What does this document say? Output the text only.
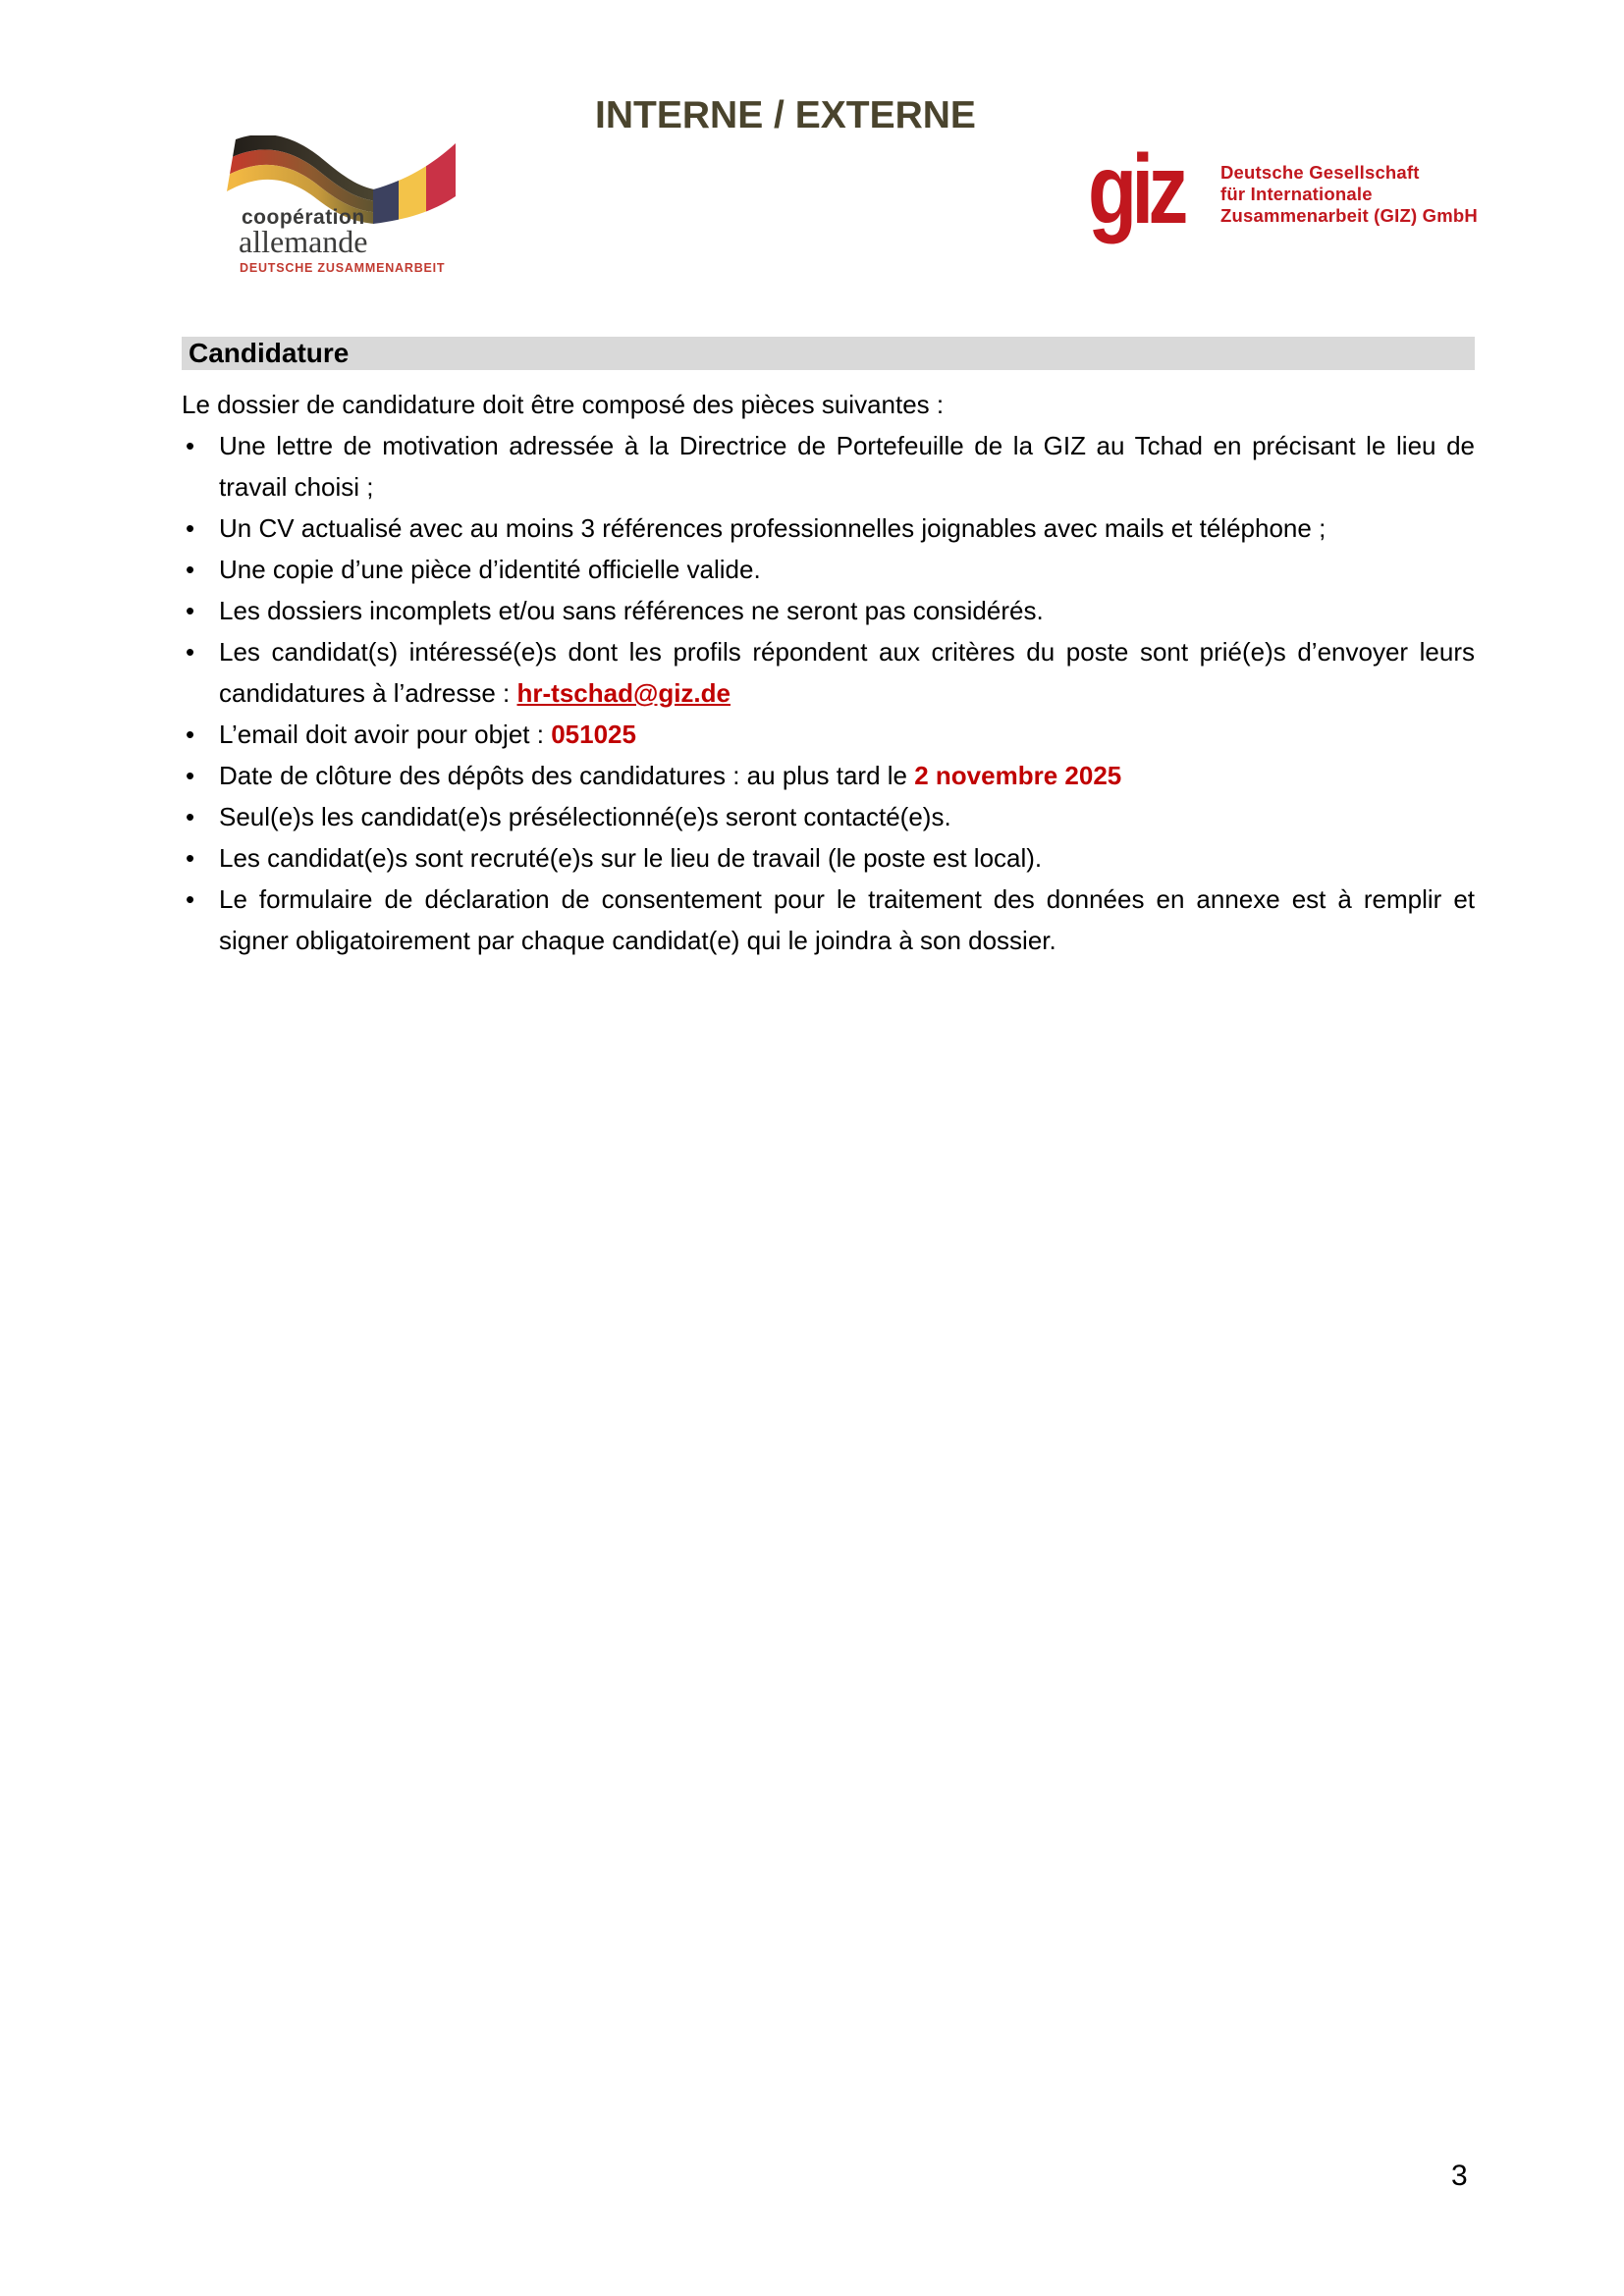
INTERNE / EXTERNE
coopération
allemande
DEUTSCHE ZUSAMMENARBEIT
giz Deutsche Gesellschaft
für Internationale
Zusammenarbeit (GIZ) GmbH
Candidature

Le dossier de candidature doit être composé des pièces suivantes :

• Une lettre de motivation adressée à la Directrice de Portefeuille de la GIZ au Tchad en précisant le lieu de travail choisi ;
• Un CV actualisé avec au moins 3 références professionnelles joignables avec mails et téléphone ;
• Une copie d’une pièce d’identité officielle valide.
• Les dossiers incomplets et/ou sans références ne seront pas considérés.
• Les candidat(s) intéressé(e)s dont les profils répondent aux critères du poste sont prié(e)s d’envoyer leurs candidatures à l’adresse : hr-tschad@giz.de
• L’email doit avoir pour objet : 051025
• Date de clôture des dépôts des candidatures : au plus tard le 2 novembre 2025
• Seul(e)s les candidat(e)s présélectionné(e)s seront contacté(e)s.
• Les candidat(e)s sont recruté(e)s sur le lieu de travail (le poste est local).
• Le formulaire de déclaration de consentement pour le traitement des données en annexe est à remplir et signer obligatoirement par chaque candidat(e) qui le joindra à son dossier.
3
